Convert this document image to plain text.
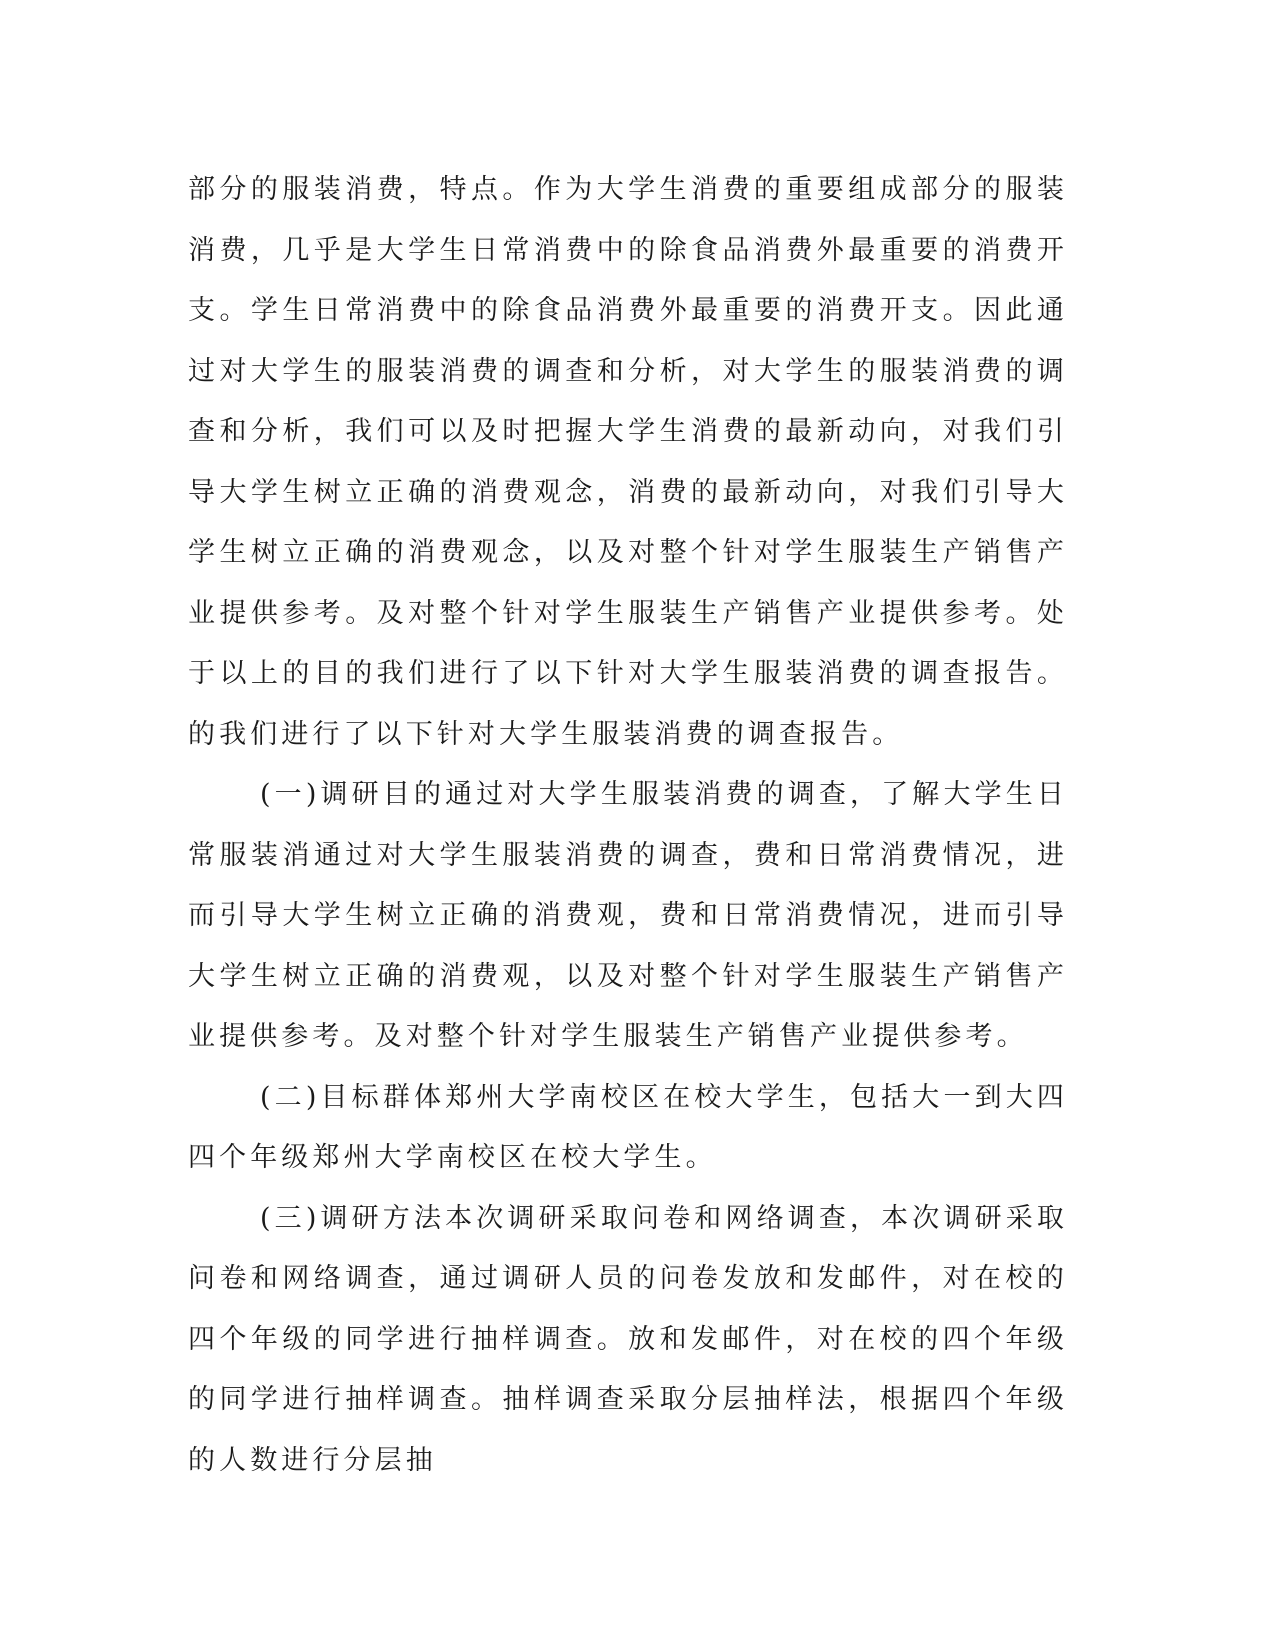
部分的服装消费，特点。作为大学生消费的重要组成部分的服装消费，几乎是大学生日常消费中的除食品消费外最重要的消费开支。学生日常消费中的除食品消费外最重要的消费开支。因此通过对大学生的服装消费的调查和分析，对大学生的服装消费的调查和分析，我们可以及时把握大学生消费的最新动向，对我们引导大学生树立正确的消费观念，消费的最新动向，对我们引导大学生树立正确的消费观念，以及对整个针对学生服装生产销售产业提供参考。及对整个针对学生服装生产销售产业提供参考。处于以上的目的我们进行了以下针对大学生服装消费的调查报告。的我们进行了以下针对大学生服装消费的调查报告。

(一)调研目的通过对大学生服装消费的调查，了解大学生日常服装消通过对大学生服装消费的调查，费和日常消费情况，进而引导大学生树立正确的消费观，费和日常消费情况，进而引导大学生树立正确的消费观，以及对整个针对学生服装生产销售产业提供参考。及对整个针对学生服装生产销售产业提供参考。

(二)目标群体郑州大学南校区在校大学生，包括大一到大四四个年级郑州大学南校区在校大学生。

(三)调研方法本次调研采取问卷和网络调查，本次调研采取问卷和网络调查，通过调研人员的问卷发放和发邮件，对在校的四个年级的同学进行抽样调查。放和发邮件，对在校的四个年级的同学进行抽样调查。抽样调查采取分层抽样法，根据四个年级的人数进行分层抽
